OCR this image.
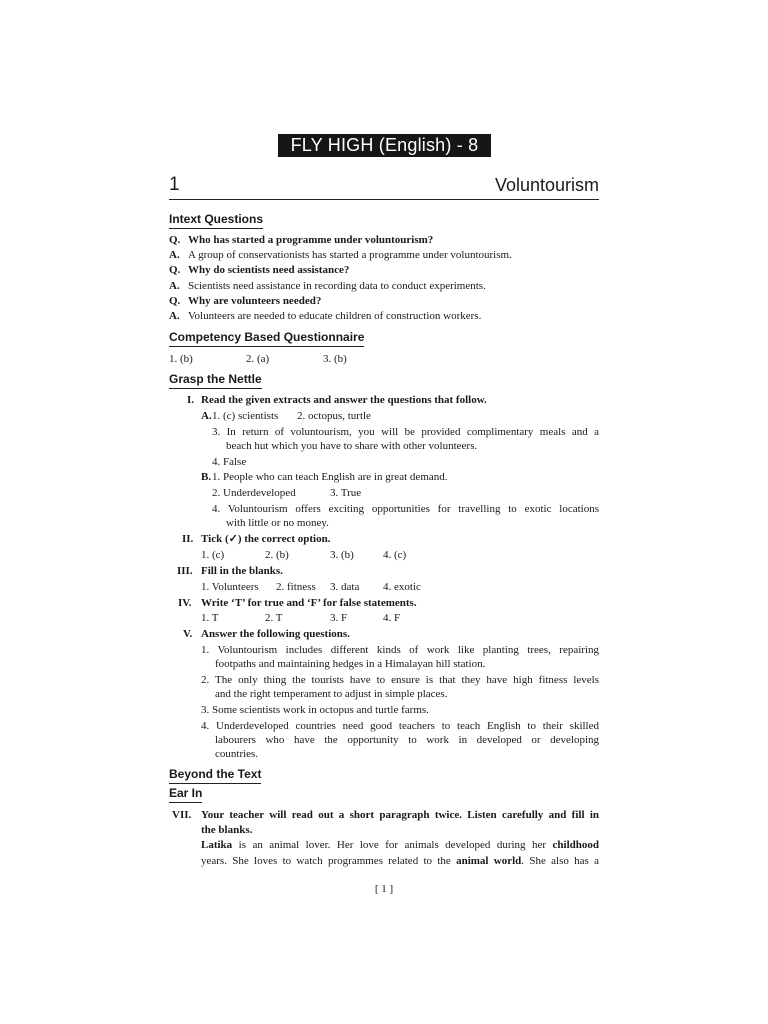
FLY HIGH (English) - 8
1	Voluntourism
Intext Questions
Q. Who has started a programme under voluntourism?
A. A group of conservationists has started a programme under voluntourism.
Q. Why do scientists need assistance?
A. Scientists need assistance in recording data to conduct experiments.
Q. Why are volunteers needed?
A. Volunteers are needed to educate children of construction workers.
Competency Based Questionnaire
1. (b)	2. (a)	3. (b)
Grasp the Nettle
I. Read the given extracts and answer the questions that follow.
A. 1. (c) scientists 2. octopus, turtle
3. In return of voluntourism, you will be provided complimentary meals and a
beach hut which you have to share with other volunteers.
4. False
B. 1. People who can teach English are in great demand.
2. Underdeveloped	3. True
4. Voluntourism offers exciting opportunities for travelling to exotic locations
with little or no money.
II. Tick (✓) the correct option.
1. (c)	2. (b)	3. (b)	4. (c)
III. Fill in the blanks.
1. Volunteers 2. fitness 3. data 4. exotic
IV. Write ‘T’ for true and ‘F’ for false statements.
1. T	2. T	3. F	4. F
V. Answer the following questions.
1. Voluntourism includes different kinds of work like planting trees, repairing
footpaths and maintaining hedges in a Himalayan hill station.
2. The only thing the tourists have to ensure is that they have high fitness levels
and the right temperament to adjust in simple places.
3. Some scientists work in octopus and turtle farms.
4. Underdeveloped countries need good teachers to teach English to their skilled
labourers who have the opportunity to work in developed or developing
countries.
Beyond the Text
Ear In
VII. Your teacher will read out a short paragraph twice. Listen carefully and fill in
the blanks.
Latika is an animal lover. Her love for animals developed during her childhood
years. She loves to watch programmes related to the animal world. She also has a
[ 1 ]
